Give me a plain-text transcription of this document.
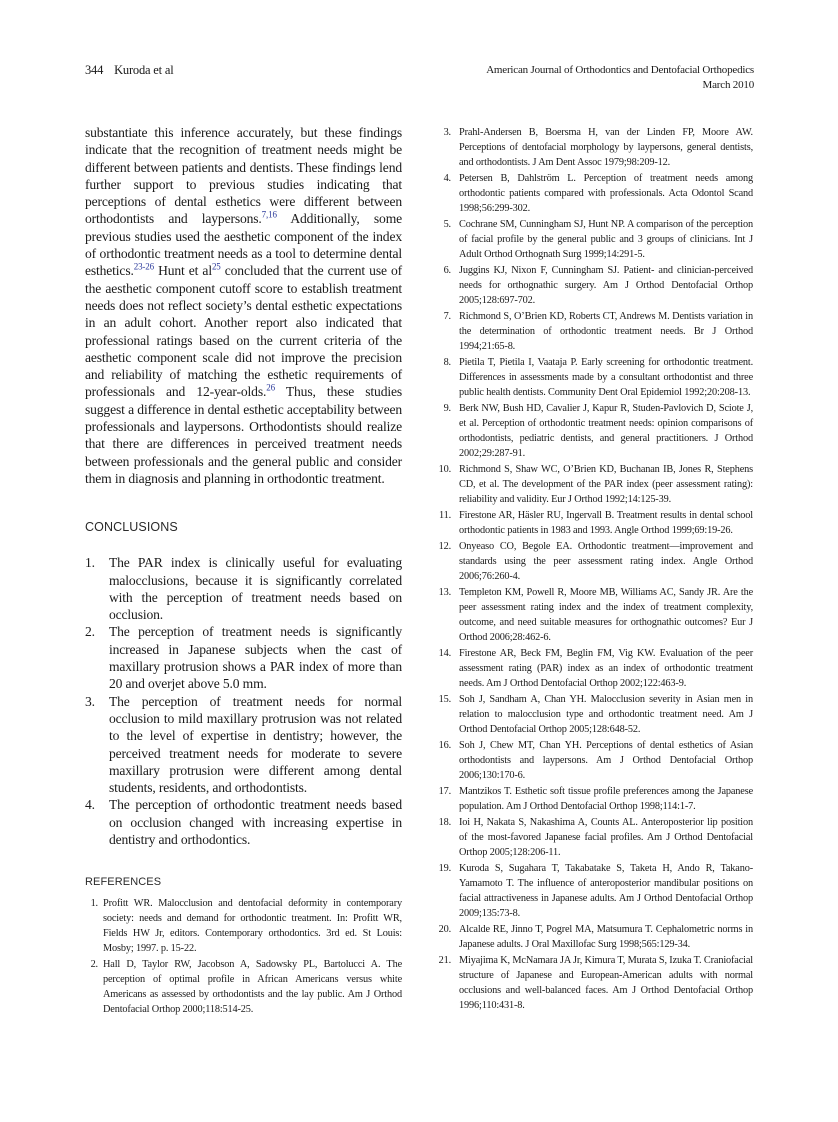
344 Kuroda et al	American Journal of Orthodontics and Dentofacial Orthopedics
March 2010

substantiate this inference accurately, but these findings indicate that the recognition of treatment needs might be different between patients and dentists. These findings lend further support to previous studies indicating that perceptions of dental esthetics were different between orthodontists and laypersons.$^{7,16}$ Additionally, some previous studies used the aesthetic component of the index of orthodontic treatment needs as a tool to determine dental esthetics.$^{23-26}$ Hunt et al$^{25}$ concluded that the current use of the aesthetic component cutoff score to establish treatment needs does not reflect society’s dental esthetic expectations in an adult cohort. Another report also indicated that professional ratings based on the current criteria of the aesthetic component scale did not improve the precision and reliability of matching the esthetic requirements of professionals and 12-year-olds.$^{26}$ Thus, these studies suggest a difference in dental esthetic acceptability between professionals and laypersons. Orthodontists should realize that there are differences in perceived treatment needs between professionals and the general public and consider them in diagnosis and planning in orthodontic treatment.

CONCLUSIONS
1. The PAR index is clinically useful for evaluating malocclusions, because it is significantly correlated with the perception of treatment needs based on occlusion.
2. The perception of treatment needs is significantly increased in Japanese subjects when the cast of maxillary protrusion shows a PAR index of more than 20 and overjet above 5.0 mm.
3. The perception of treatment needs for normal occlusion to mild maxillary protrusion was not related to the level of expertise in dentistry; however, the perceived treatment needs for moderate to severe maxillary protrusion were different among dental students, residents, and orthodontists.
4. The perception of orthodontic treatment needs based on occlusion changed with increasing expertise in dentistry and orthodontics.
REFERENCES
1. Profitt WR. Malocclusion and dentofacial deformity in contemporary society: needs and demand for orthodontic treatment. In: Profitt WR, Fields HW Jr, editors. Contemporary orthodontics. 3rd ed. St Louis: Mosby; 1997. p. 15-22.
2. Hall D, Taylor RW, Jacobson A, Sadowsky PL, Bartolucci A. The perception of optimal profile in African Americans versus white Americans as assessed by orthodontists and the lay public. Am J Orthod Dentofacial Orthop 2000;118:514-25.
3. Prahl-Andersen B, Boersma H, van der Linden FP, Moore AW. Perceptions of dentofacial morphology by laypersons, general dentists, and orthodontists. J Am Dent Assoc 1979;98:209-12.
4. Petersen B, Dahlström L. Perception of treatment needs among orthodontic patients compared with professionals. Acta Odontol Scand 1998;56:299-302.
5. Cochrane SM, Cunningham SJ, Hunt NP. A comparison of the perception of facial profile by the general public and 3 groups of clinicians. Int J Adult Orthod Orthognath Surg 1999;14:291-5.
6. Juggins KJ, Nixon F, Cunningham SJ. Patient- and clinician-perceived needs for orthognathic surgery. Am J Orthod Dentofacial Orthop 2005;128:697-702.
7. Richmond S, O’Brien KD, Roberts CT, Andrews M. Dentists variation in the determination of orthodontic treatment needs. Br J Orthod 1994;21:65-8.
8. Pietila T, Pietila I, Vaataja P. Early screening for orthodontic treatment. Differences in assessments made by a consultant orthodontist and three public health dentists. Community Dent Oral Epidemiol 1992;20:208-13.
9. Berk NW, Bush HD, Cavalier J, Kapur R, Studen-Pavlovich D, Sciote J, et al. Perception of orthodontic treatment needs: opinion comparisons of orthodontists, pediatric dentists, and general practitioners. J Orthod 2002;29:287-91.
10. Richmond S, Shaw WC, O’Brien KD, Buchanan IB, Jones R, Stephens CD, et al. The development of the PAR index (peer assessment rating): reliability and validity. Eur J Orthod 1992;14:125-39.
11. Firestone AR, Häsler RU, Ingervall B. Treatment results in dental school orthodontic patients in 1983 and 1993. Angle Orthod 1999;69:19-26.
12. Onyeaso CO, Begole EA. Orthodontic treatment—improvement and standards using the peer assessment rating index. Angle Orthod 2006;76:260-4.
13. Templeton KM, Powell R, Moore MB, Williams AC, Sandy JR. Are the peer assessment rating index and the index of treatment complexity, outcome, and need suitable measures for orthognathic outcomes? Eur J Orthod 2006;28:462-6.
14. Firestone AR, Beck FM, Beglin FM, Vig KW. Evaluation of the peer assessment rating (PAR) index as an index of orthodontic treatment needs. Am J Orthod Dentofacial Orthop 2002;122:463-9.
15. Soh J, Sandham A, Chan YH. Malocclusion severity in Asian men in relation to malocclusion type and orthodontic treatment need. Am J Orthod Dentofacial Orthop 2005;128:648-52.
16. Soh J, Chew MT, Chan YH. Perceptions of dental esthetics of Asian orthodontists and laypersons. Am J Orthod Dentofacial Orthop 2006;130:170-6.
17. Mantzikos T. Esthetic soft tissue profile preferences among the Japanese population. Am J Orthod Dentofacial Orthop 1998;114:1-7.
18. Ioi H, Nakata S, Nakashima A, Counts AL. Anteroposterior lip position of the most-favored Japanese facial profiles. Am J Orthod Dentofacial Orthop 2005;128:206-11.
19. Kuroda S, Sugahara T, Takabatake S, Taketa H, Ando R, Takano-Yamamoto T. The influence of anteroposterior mandibular positions on facial attractiveness in Japanese adults. Am J Orthod Dentofacial Orthop 2009;135:73-8.
20. Alcalde RE, Jinno T, Pogrel MA, Matsumura T. Cephalometric norms in Japanese adults. J Oral Maxillofac Surg 1998;565:129-34.
21. Miyajima K, McNamara JA Jr, Kimura T, Murata S, Izuka T. Craniofacial structure of Japanese and European-American adults with normal occlusions and well-balanced faces. Am J Orthod Dentofacial Orthop 1996;110:431-8.
